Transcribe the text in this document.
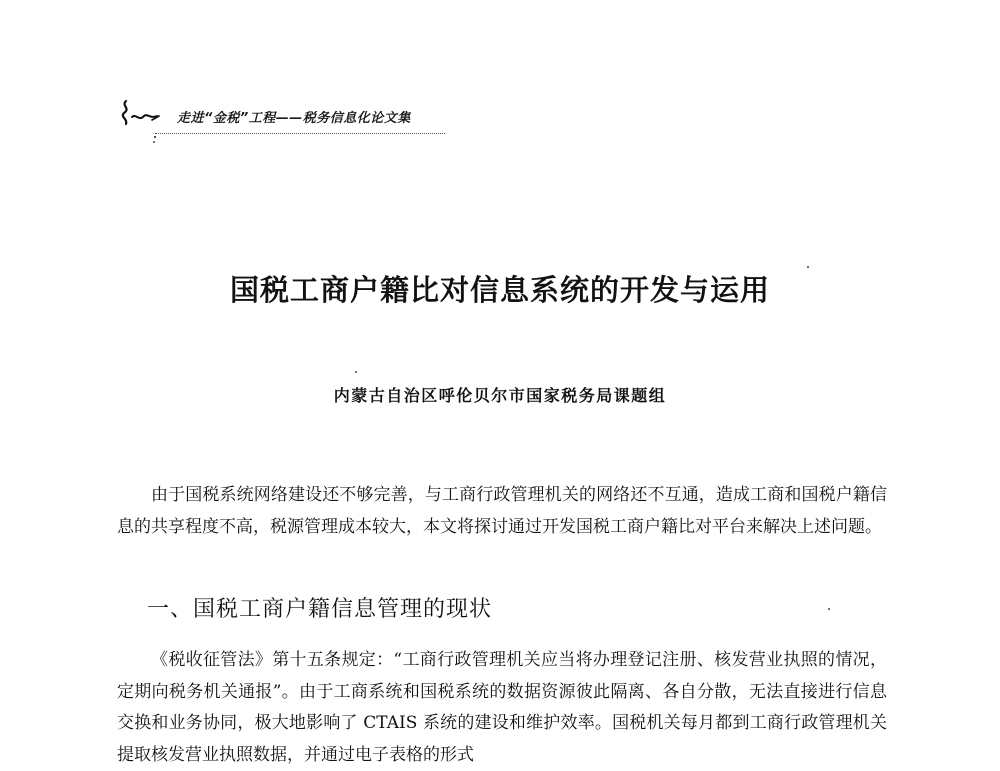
走进“金税”工程——税务信息化论文集
国税工商户籍比对信息系统的开发与运用
内蒙古自治区呼伦贝尔市国家税务局课题组

由于国税系统网络建设还不够完善，与工商行政管理机关的网络还不互通，造成工商和国税户籍信息的共享程度不高，税源管理成本较大，本文将探讨通过开发国税工商户籍比对平台来解决上述问题。

一、国税工商户籍信息管理的现状

《税收征管法》第十五条规定：“工商行政管理机关应当将办理登记注册、核发营业执照的情况，定期向税务机关通报”。由于工商系统和国税系统的数据资源彼此隔离、各自分散，无法直接进行信息交换和业务协同，极大地影响了 CTAIS 系统的建设和维护效率。国税机关每月都到工商行政管理机关提取核发营业执照数据，并通过电子表格的形式
